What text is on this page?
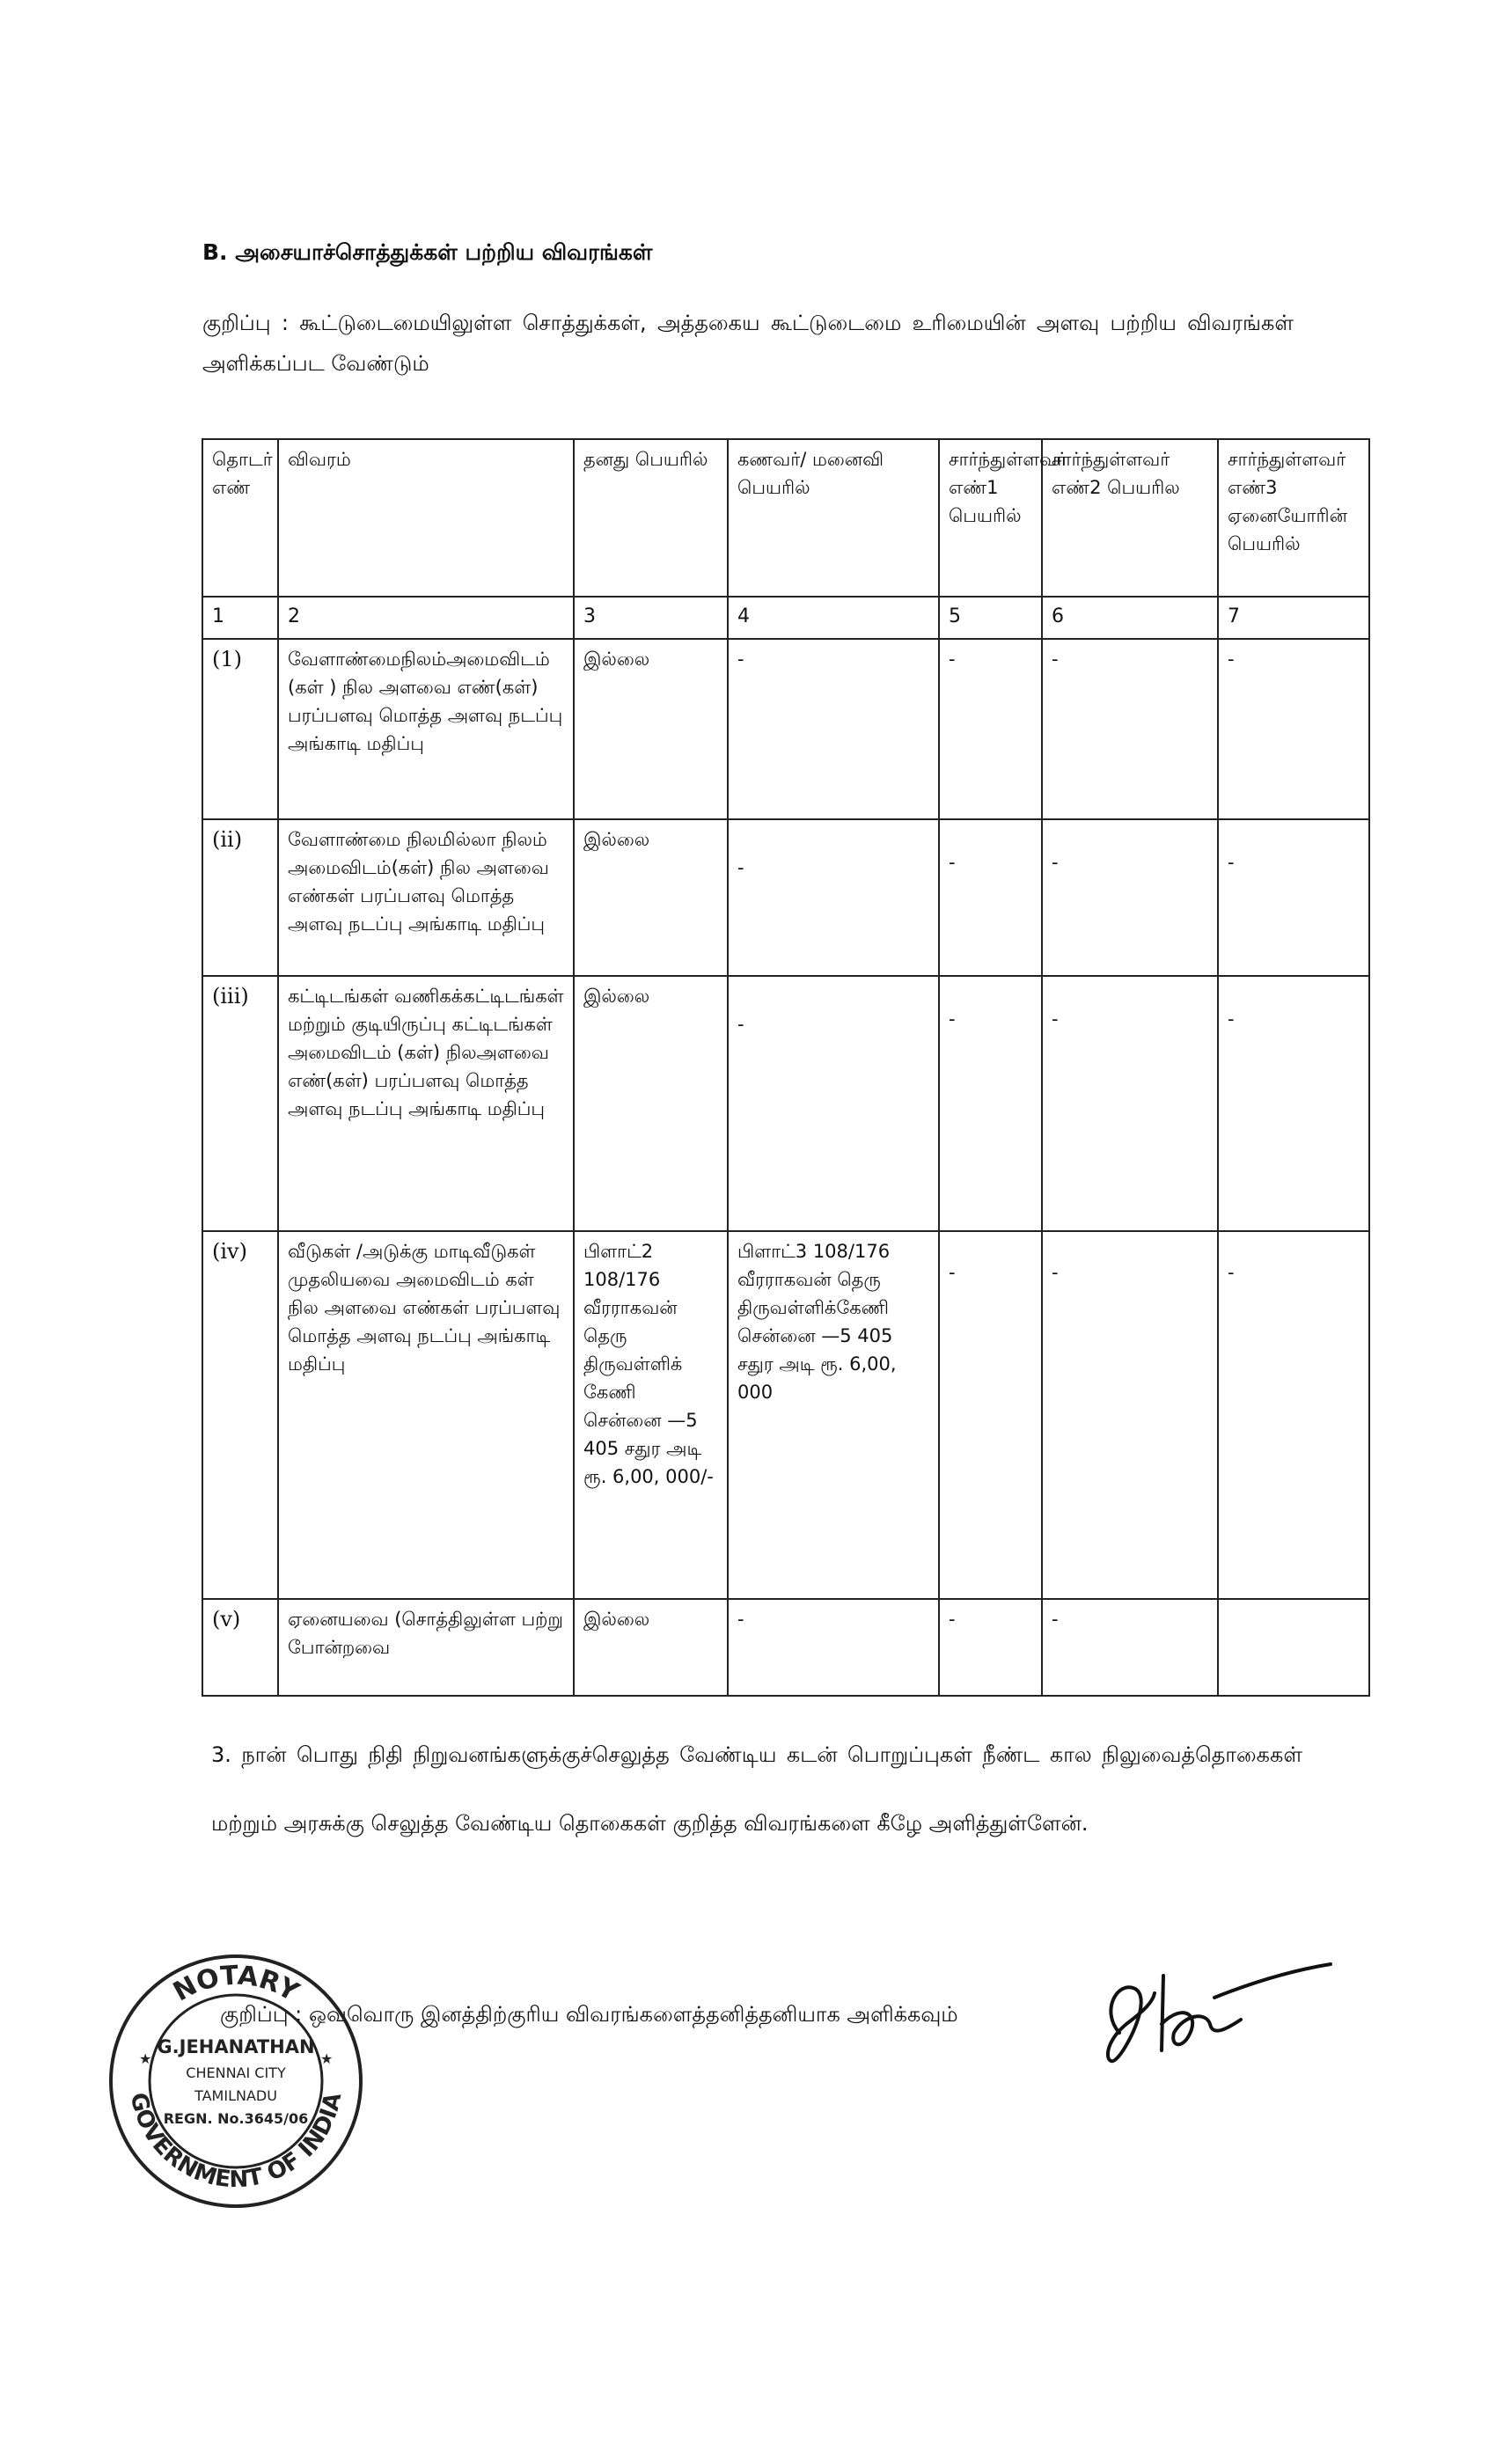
B. அசையாச்சொத்துக்கள் பற்றிய விவரங்கள்
குறிப்பு : கூட்டுடைமையிலுள்ள சொத்துக்கள், அத்தகைய கூட்டுடைமை உரிமையின் அளவு பற்றிய விவரங்கள் அளிக்கப்பட வேண்டும்
தொடர் எண்	விவரம்	தனது பெயரில்	கணவர்/ மனைவி பெயரில்	சார்ந்துள்ளவர் எண்1 பெயரில்	சார்ந்துள்ளவர் எண்2 பெயரில	சார்ந்துள்ளவர் எண்3 ஏனையோரின் பெயரில்
1	2	3	4	5	6	7
(1)	வேளாண்மைநிலம்அமைவிடம் (கள் ) நில அளவை எண்(கள்) பரப்பளவு மொத்த அளவு நடப்பு அங்காடி மதிப்பு	இல்லை	-	-	-	-
(ii)	வேளாண்மை நிலமில்லா நிலம் அமைவிடம்(கள்) நில அளவை எண்கள் பரப்பளவு மொத்த அளவு நடப்பு அங்காடி மதிப்பு	இல்லை	-	-	-	-
(iii)	கட்டிடங்கள் வணிகக்கட்டிடங்கள் மற்றும் குடியிருப்பு கட்டிடங்கள் அமைவிடம் (கள்) நிலஅளவை எண்(கள்) பரப்பளவு மொத்த அளவு நடப்பு அங்காடி மதிப்பு	இல்லை	-	-	-	-
(iv)	வீடுகள் /அடுக்கு மாடிவீடுகள் முதலியவை அமைவிடம் கள் நில அளவை எண்கள் பரப்பளவு மொத்த அளவு நடப்பு அங்காடி மதிப்பு	பிளாட்2 108/176 வீரராகவன் தெரு திருவள்ளிக் கேணி சென்னை —5 405 சதுர அடி ரூ. 6,00, 000/-	பிளாட்3 108/176 வீரராகவன் தெரு திருவள்ளிக்கேணி சென்னை —5 405 சதுர அடி ரூ. 6,00, 000	-	-	-
(v)	ஏனையவை (சொத்திலுள்ள பற்று போன்றவை	இல்லை	-	-	-	
3. நான் பொது நிதி நிறுவனங்களுக்குச்செலுத்த வேண்டிய கடன் பொறுப்புகள் நீண்ட கால நிலுவைத்தொகைகள் மற்றும் அரசுக்கு செலுத்த வேண்டிய தொகைகள் குறித்த விவரங்களை கீழே அளித்துள்ளேன்.
குறிப்பு : ஒவ்வொரு இனத்திற்குரிய விவரங்களைத்தனித்தனியாக அளிக்கவும்
NOTARY
GOVERNMENT OF INDIA
★	★
G.JEHANATHAN
CHENNAI CITY
TAMILNADU
REGN. No.3645/06
